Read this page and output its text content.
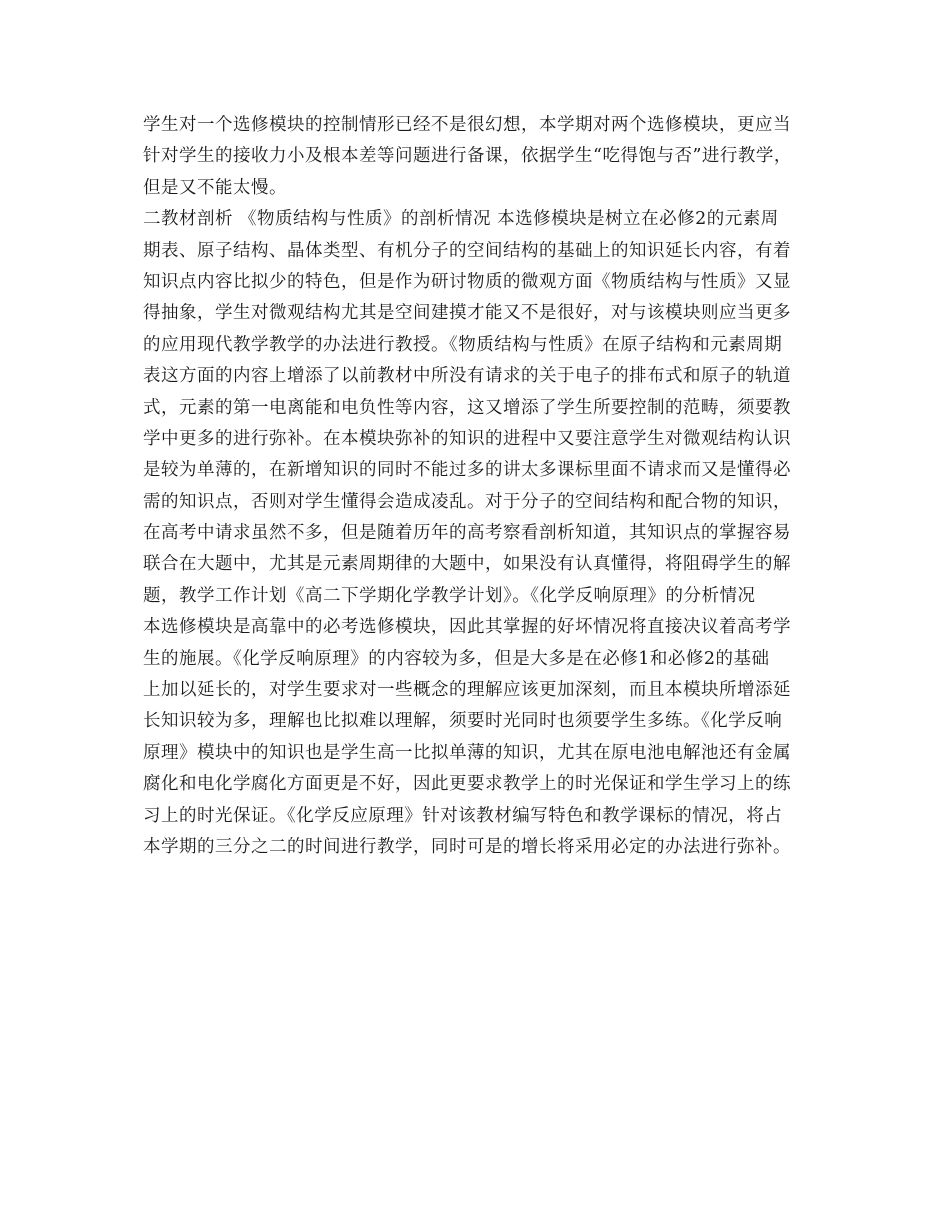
学生对一个选修模块的控制情形已经不是很幻想，本学期对两个选修模块，更应当
针对学生的接收力小及根本差等问题进行备课，依据学生“吃得饱与否”进行教学，
但是又不能太慢。
二教材剖析 《物质结构与性质》的剖析情况 本选修模块是树立在必修2的元素周
期表、原子结构、晶体类型、有机分子的空间结构的基础上的知识延长内容，有着
知识点内容比拟少的特色，但是作为研讨物质的微观方面《物质结构与性质》又显
得抽象，学生对微观结构尤其是空间建摸才能又不是很好，对与该模块则应当更多
的应用现代教学教学的办法进行教授。《物质结构与性质》在原子结构和元素周期
表这方面的内容上增添了以前教材中所没有请求的关于电子的排布式和原子的轨道
式，元素的第一电离能和电负性等内容，这又增添了学生所要控制的范畴，须要教
学中更多的进行弥补。在本模块弥补的知识的进程中又要注意学生对微观结构认识
是较为单薄的，在新增知识的同时不能过多的讲太多课标里面不请求而又是懂得必
需的知识点，否则对学生懂得会造成凌乱。对于分子的空间结构和配合物的知识，
在高考中请求虽然不多，但是随着历年的高考察看剖析知道，其知识点的掌握容易
联合在大题中，尤其是元素周期律的大题中，如果没有认真懂得，将阻碍学生的解
题，教学工作计划《高二下学期化学教学计划》。《化学反响原理》的分析情况
本选修模块是高靠中的必考选修模块，因此其掌握的好坏情况将直接决议着高考学
生的施展。《化学反响原理》的内容较为多，但是大多是在必修1和必修2的基础
上加以延长的，对学生要求对一些概念的理解应该更加深刻，而且本模块所增添延
长知识较为多，理解也比拟难以理解，须要时光同时也须要学生多练。《化学反响
原理》模块中的知识也是学生高一比拟单薄的知识，尤其在原电池电解池还有金属
腐化和电化学腐化方面更是不好，因此更要求教学上的时光保证和学生学习上的练
习上的时光保证。《化学反应原理》针对该教材编写特色和教学课标的情况，将占
本学期的三分之二的时间进行教学，同时可是的增长将采用必定的办法进行弥补。
